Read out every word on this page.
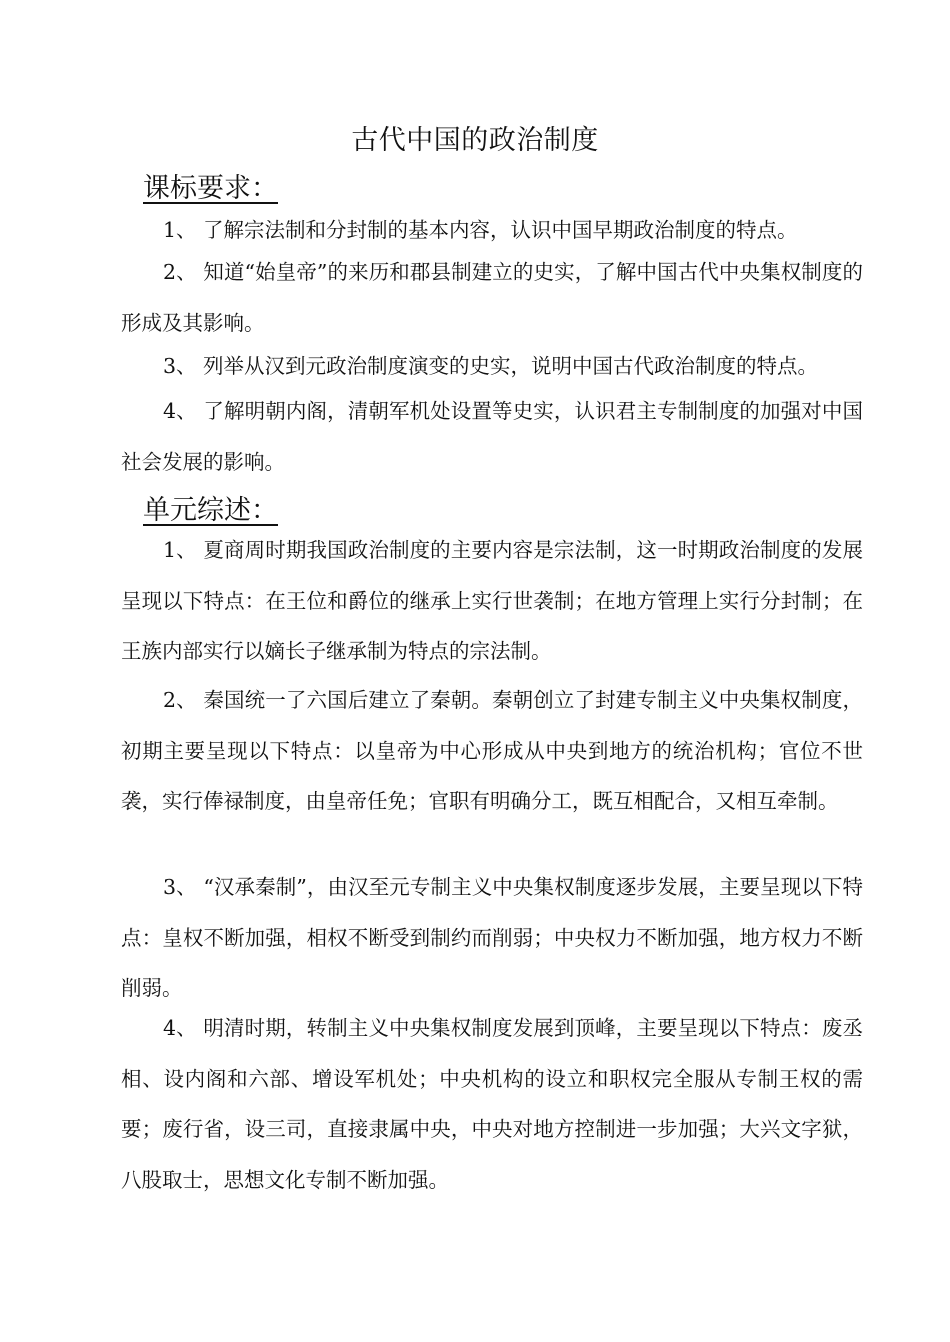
古代中国的政治制度
课标要求：

1、 了解宗法制和分封制的基本内容，认识中国早期政治制度的特点。

2、 知道“始皇帝”的来历和郡县制建立的史实，了解中国古代中央集权制度的形成及其影响。

3、 列举从汉到元政治制度演变的史实，说明中国古代政治制度的特点。

4、 了解明朝内阁，清朝军机处设置等史实，认识君主专制制度的加强对中国社会发展的影响。

单元综述：

1、 夏商周时期我国政治制度的主要内容是宗法制，这一时期政治制度的发展呈现以下特点：在王位和爵位的继承上实行世袭制；在地方管理上实行分封制；在王族内部实行以嫡长子继承制为特点的宗法制。

2、 秦国统一了六国后建立了秦朝。秦朝创立了封建专制主义中央集权制度，初期主要呈现以下特点：以皇帝为中心形成从中央到地方的统治机构；官位不世袭，实行俸禄制度，由皇帝任免；官职有明确分工，既互相配合，又相互牵制。

3、 “汉承秦制”，由汉至元专制主义中央集权制度逐步发展，主要呈现以下特点：皇权不断加强，相权不断受到制约而削弱；中央权力不断加强，地方权力不断削弱。

4、 明清时期，转制主义中央集权制度发展到顶峰，主要呈现以下特点：废丞相、设内阁和六部、增设军机处；中央机构的设立和职权完全服从专制王权的需要；废行省，设三司，直接隶属中央，中央对地方控制进一步加强；大兴文字狱，八股取士，思想文化专制不断加强。
